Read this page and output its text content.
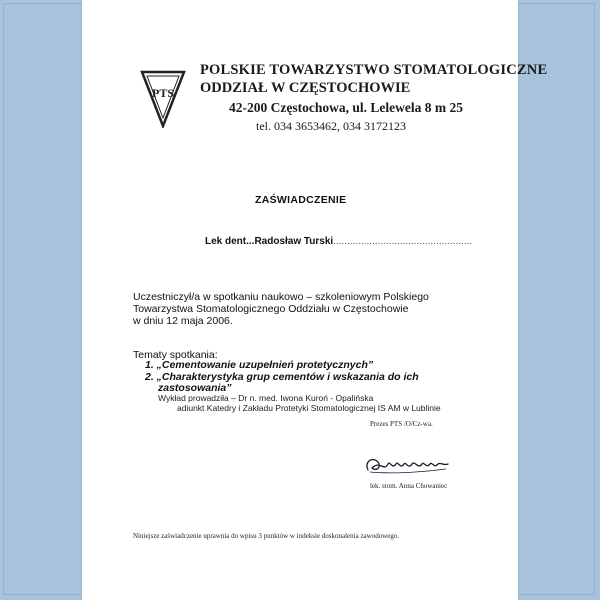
PTS
POLSKIE TOWARZYSTWO STOMATOLOGICZNE
ODDZIAŁ W CZĘSTOCHOWIE
42-200 Częstochowa, ul. Lelewela 8 m 25
tel. 034 3653462, 034 3172123
ZAŚWIADCZENIE
Lek dent...Radosław Turski..................................................
Uczestniczył/a w spotkaniu naukowo – szkoleniowym Polskiego
Towarzystwa Stomatologicznego Oddziału w Częstochowie
w dniu 12 maja 2006.
Tematy spotkania:
1. „Cementowanie uzupełnień protetycznych”
2. „Charakterystyka grup cementów i wskazania do ich
zastosowania”
Wykład prowadziła – Dr n. med. Iwona Kuroń - Opalińska
adiunkt Katedry i Zakładu Protetyki Stomatologicznej IS AM w Lublinie
Prezes PTS /O/Cz-wa.
lek. stom. Anna Chowaniec
Niniejsze zaświadczenie uprawnia do wpisu 3 punktów w indeksie doskonalenia zawodowego.
